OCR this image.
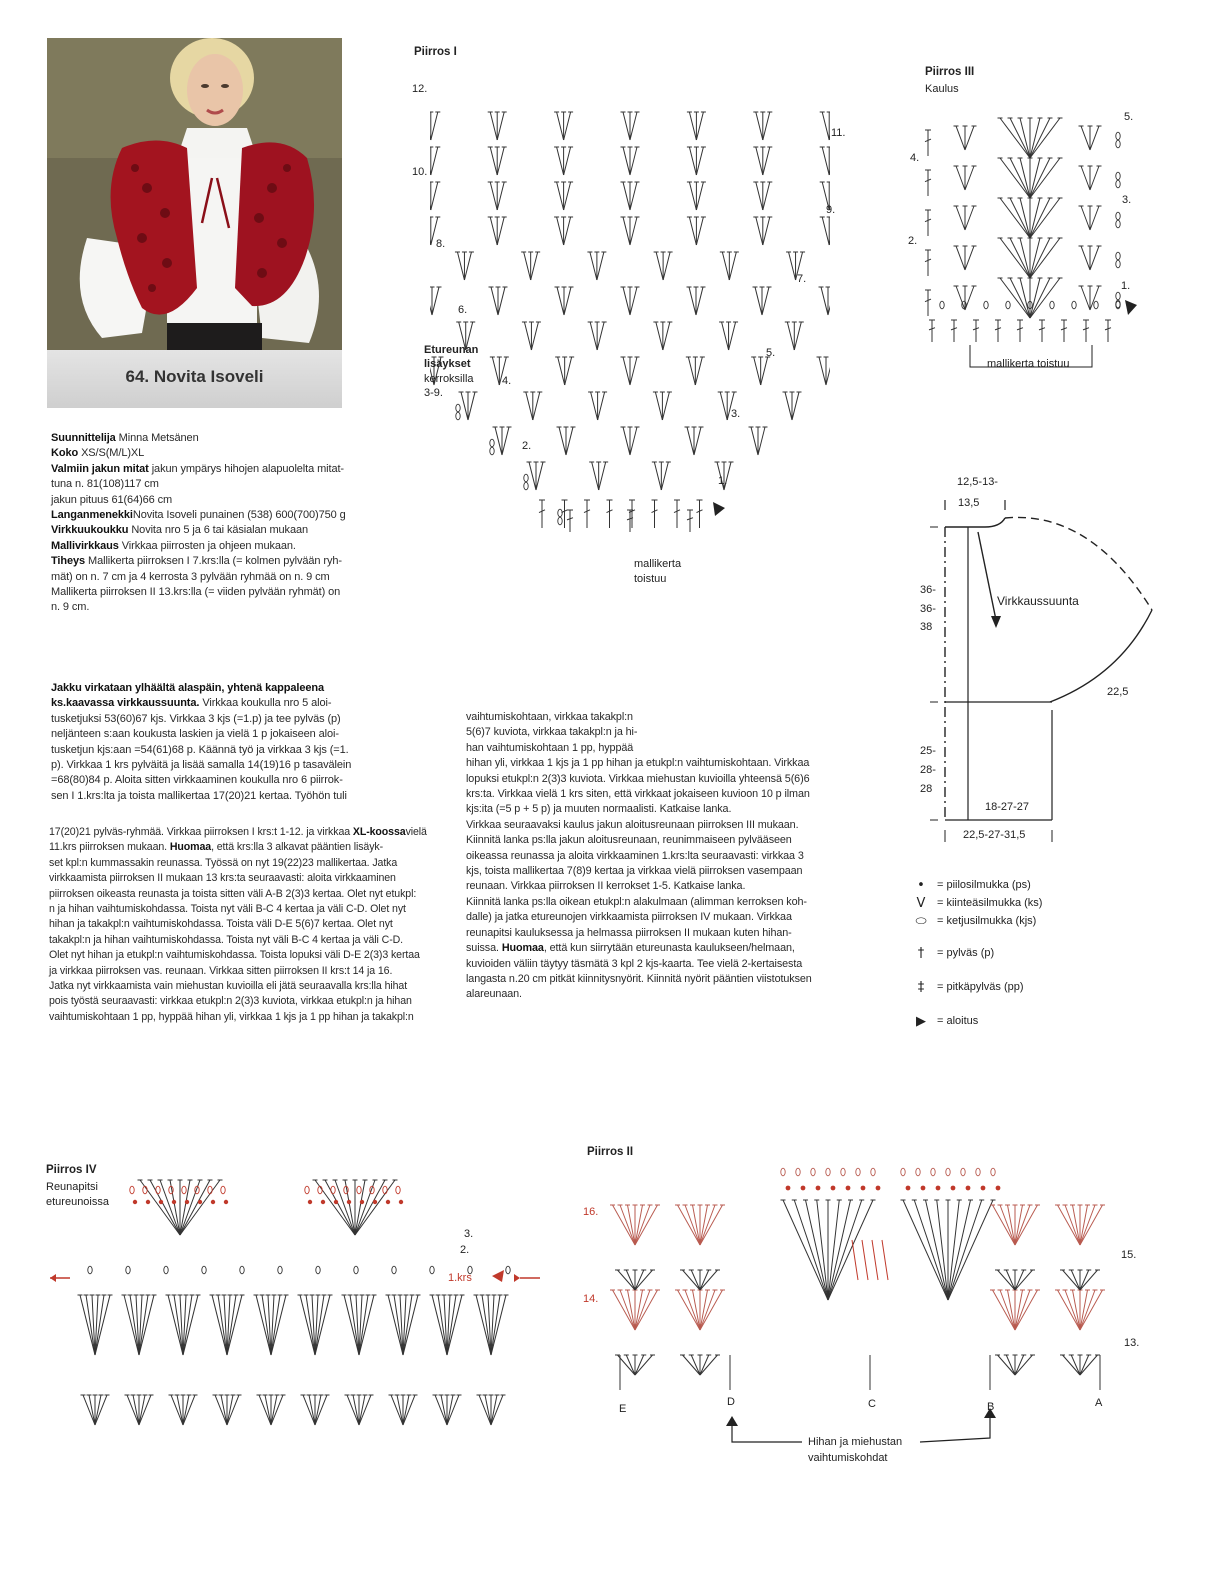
64. Novita Isoveli

Suunnittelija Minna Metsänen

Koko XS/S(M/L)XL

Valmiin jakun mitat jakun ympärys hihojen alapuolelta mitat-

tuna n. 81(108)117 cm

jakun pituus 61(64)66 cm

LanganmenekkiNovita Isoveli punainen (538) 600(700)750 g

Virkkuukoukku Novita nro 5 ja 6 tai käsialan mukaan

Mallivirkkaus Virkkaa piirrosten ja ohjeen mukaan.

Tiheys Mallikerta piirroksen I 7.krs:lla (= kolmen pylvään ryh-

mät) on n. 7 cm ja 4 kerrosta 3 pylvään ryhmää on n. 9 cm

Mallikerta piirroksen II 13.krs:lla (= viiden pylvään ryhmät) on

n. 9 cm.

Jakku virkataan ylhäältä alaspäin, yhtenä kappaleena

ks.kaavassa virkkaussuunta. Virkkaa koukulla nro 5 aloi-

tusketjuksi 53(60)67 kjs. Virkkaa 3 kjs (=1.p) ja tee pylväs (p)

neljänteen s:aan koukusta laskien ja vielä 1 p jokaiseen aloi-

tusketjun kjs:aan =54(61)68 p. Käännä työ ja virkkaa 3 kjs (=1.

p). Virkkaa 1 krs pylväitä ja lisää samalla 14(19)16 p tasavälein

=68(80)84 p. Aloita sitten virkkaaminen koukulla nro 6 piirrok-

sen I 1.krs:lta ja toista mallikertaa 17(20)21 kertaa. Työhön tuli

17(20)21 pylväs-ryhmää. Virkkaa piirroksen I krs:t 1-12. ja virkkaa XL-koossavielä 11.krs piirroksen mukaan. Huomaa, että krs:lla 3 alkavat pääntien lisäyk-

set kpl:n kummassakin reunassa. Työssä on nyt 19(22)23 mallikertaa. Jatka

virkkaamista piirroksen II mukaan 13 krs:ta seuraavasti: aloita virkkaaminen

piirroksen oikeasta reunasta ja toista sitten väli A-B 2(3)3 kertaa. Olet nyt etukpl:

n ja hihan vaihtumiskohdassa. Toista nyt väli B-C 4 kertaa ja väli C-D. Olet nyt

hihan ja takakpl:n vaihtumiskohdassa. Toista väli D-E 5(6)7 kertaa. Olet nyt

takakpl:n ja hihan vaihtumiskohdassa. Toista nyt väli B-C 4 kertaa ja väli C-D.

Olet nyt hihan ja etukpl:n vaihtumiskohdassa. Toista lopuksi väli D-E 2(3)3 kertaa

ja virkkaa piirroksen vas. reunaan. Virkkaa sitten piirroksen II krs:t 14 ja 16.

Jatka nyt virkkaamista vain miehustan kuvioilla eli jätä seuraavalla krs:lla hihat

pois työstä seuraavasti: virkkaa etukpl:n 2(3)3 kuviota, virkkaa etukpl:n ja hihan

vaihtumiskohtaan 1 pp, hyppää hihan yli, virkkaa 1 kjs ja 1 pp hihan ja takakpl:n

vaihtumiskohtaan, virkkaa takakpl:n

5(6)7 kuviota, virkkaa takakpl:n ja hi-

han vaihtumiskohtaan 1 pp, hyppää

hihan yli, virkkaa 1 kjs ja 1 pp hihan ja etukpl:n vaihtumiskohtaan. Virkkaa

lopuksi etukpl:n 2(3)3 kuviota. Virkkaa miehustan kuvioilla yhteensä 5(6)6

krs:ta. Virkkaa vielä 1 krs siten, että virkkaat jokaiseen kuvioon 10 p ilman

kjs:ita (=5 p + 5 p) ja muuten normaalisti. Katkaise lanka.

Virkkaa seuraavaksi kaulus jakun aloitusreunaan piirroksen III mukaan.

Kiinnitä lanka ps:lla jakun aloitusreunaan, reunimmaiseen pylvääseen

oikeassa reunassa ja aloita virkkaaminen 1.krs:lta seuraavasti: virkkaa 3

kjs, toista mallikertaa 7(8)9 kertaa ja virkkaa vielä piirroksen vasempaan

reunaan. Virkkaa piirroksen II kerrokset 1-5. Katkaise lanka.

Kiinnitä lanka ps:lla oikean etukpl:n alakulmaan (alimman kerroksen koh-

dalle) ja jatka etureunojen virkkaamista piirroksen IV mukaan. Virkkaa

reunapitsi kauluksessa ja helmassa piirroksen II mukaan kuten hihan-

suissa. Huomaa, että kun siirrytään etureunasta kaulukseen/helmaan,

kuvioiden väliin täytyy täsmätä 3 kpl 2 kjs-kaarta. Tee vielä 2-kertaisesta

langasta n.20 cm pitkät kiinnitysnyörit. Kiinnitä nyörit pääntien viistotuksen

alareunaan.

Piirros I
12.
10.
8.
6.
4.
2.
11.
9.
7.
5.
3.
1.
Etureunan
lisäykset
kerroksilla
3-9.
mallikerta
toistuu
Piirros III
Kaulus
4.
2.
5.
3.
1.
mallikerta toistuu
12,5-13-
13,5
36-
36-
38
Virkkaussuunta
22,5
25-
28-
28
18-27-27
22,5-27-31,5
•	= piilosilmukka (ps)
V	= kiinteäsilmukka (ks)
⬭ = ketjusilmukka (kjs)
†	= pylväs (p)
‡	= pitkäpylväs (pp)
▶ = aloitus
Piirros IV
Reunapitsi
etureunoissa
3.
2.
1.krs
Piirros II
16.
14.
15.
13.
E
D	C	B	A
Hihan ja miehustan
vaihtumiskohdat
